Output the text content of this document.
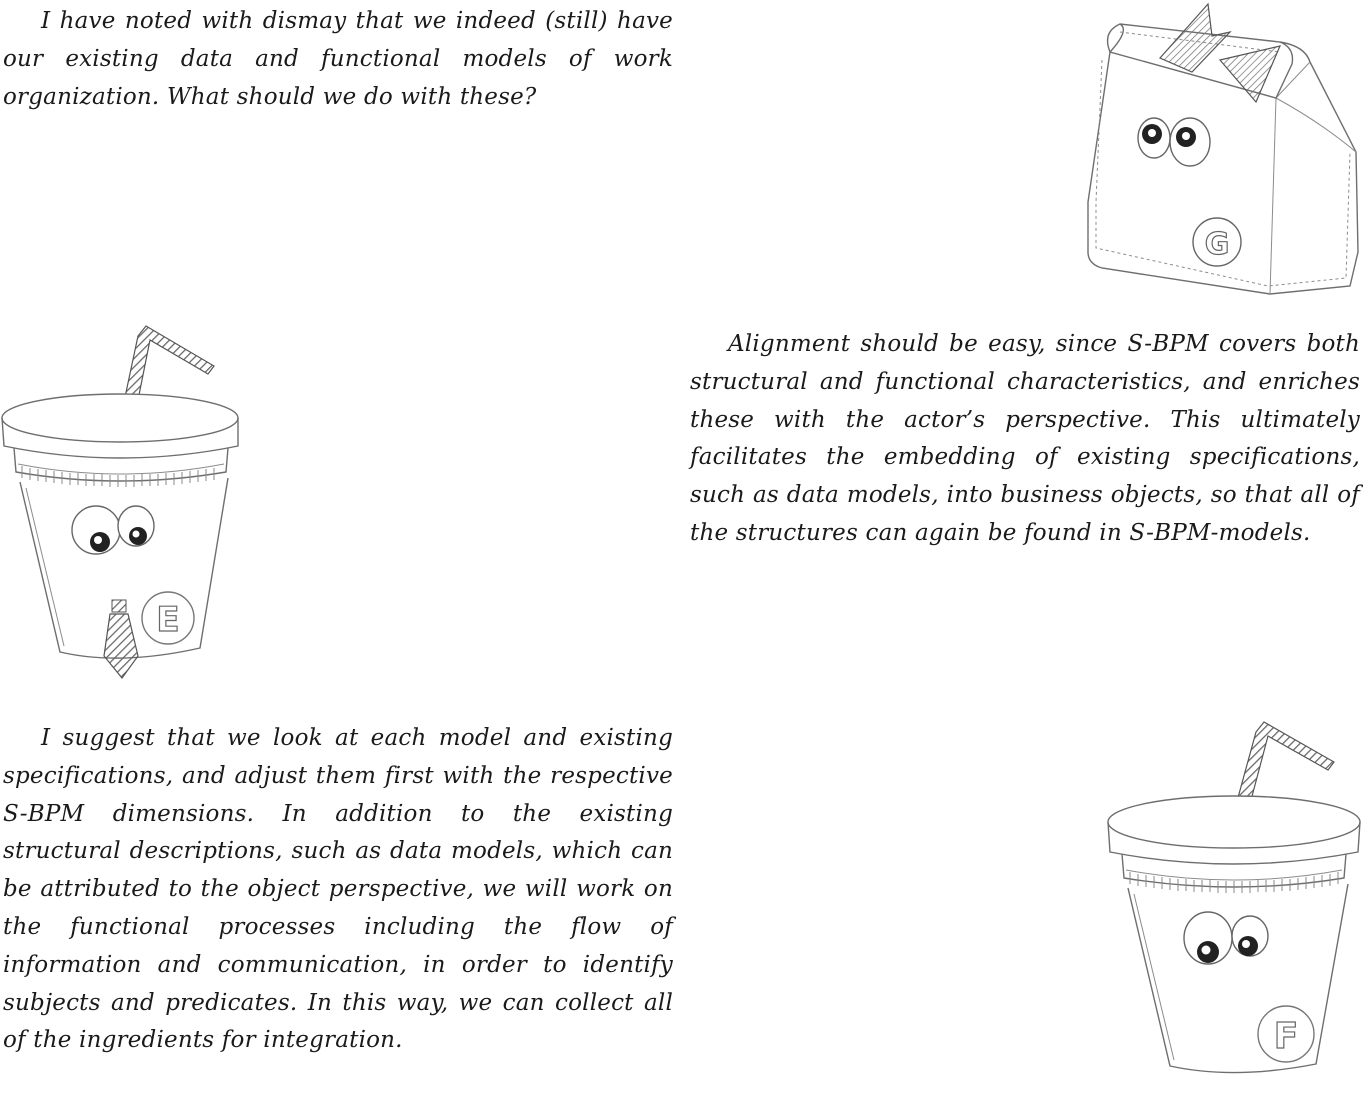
I have noted with dismay that we indeed (still) have our existing data and functional models of work organization. What should we do with these?

Alignment should be easy, since S-BPM covers both structural and functional characteristics, and enriches these with the actor’s perspective. This ultimately facilitates the embedding of existing specifications, such as data models, into business objects, so that all of the structures can again be found in S-BPM-models.

I suggest that we look at each model and existing specifications, and adjust them first with the respective S-BPM dimensions. In addition to the existing structural descriptions, such as data models, which can be attributed to the object perspective, we will work on the functional processes including the flow of information and communication, in order to identify subjects and predicates. In this way, we can collect all of the ingredients for integration.

G
E
F
